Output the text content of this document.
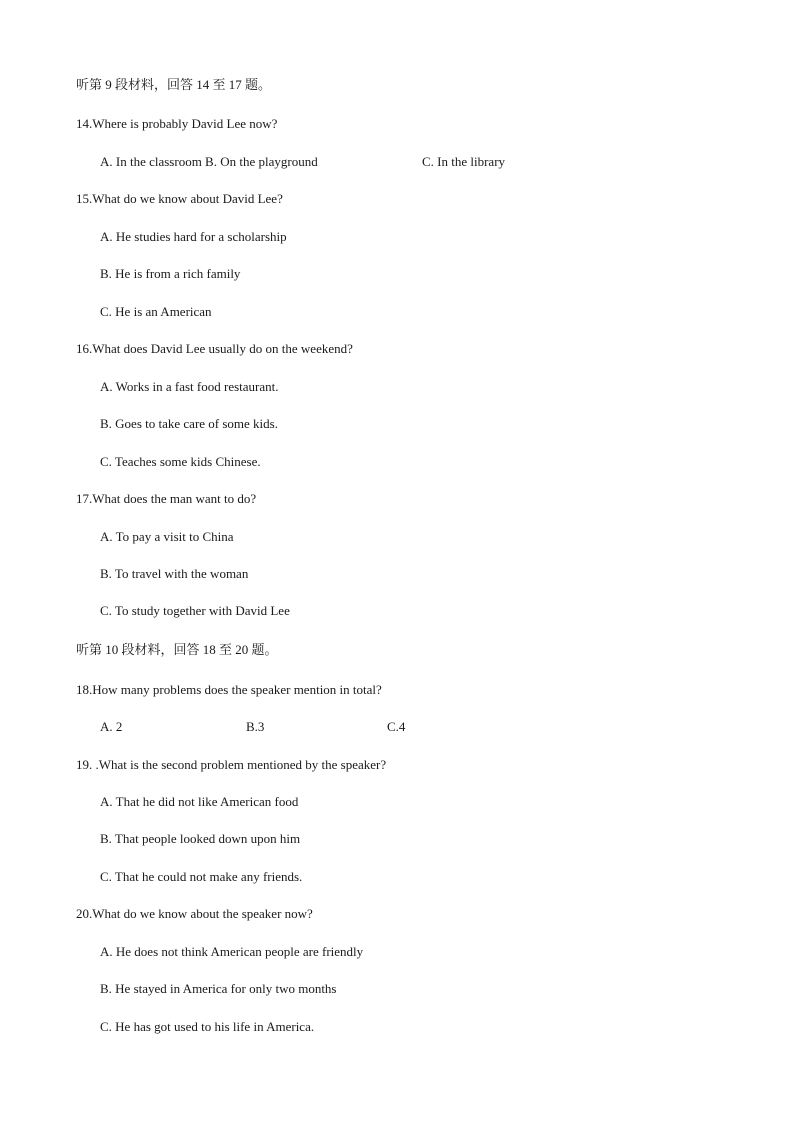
听第 9 段材料，回答 14 至 17 题。
14.Where is probably David Lee now?
A. In the classroom B. On the playground	C. In the library
15.What do we know about David Lee?
A. He studies hard for a scholarship
B. He is from a rich family
C. He is an American
16.What does David Lee usually do on the weekend?
A. Works in a fast food restaurant.
B. Goes to take care of some kids.
C. Teaches some kids Chinese.
17.What does the man want to do?
A. To pay a visit to China
B. To travel with the woman
C. To study together with David Lee
听第 10 段材料，回答 18 至 20 题。
18.How many problems does the speaker mention in total?
A. 2	B.3	C.4
19. .What is the second problem mentioned by the speaker?
A. That he did not like American food
B. That people looked down upon him
C. That he could not make any friends.
20.What do we know about the speaker now?
A. He does not think American people are friendly
B. He stayed in America for only two months
C. He has got used to his life in America.
